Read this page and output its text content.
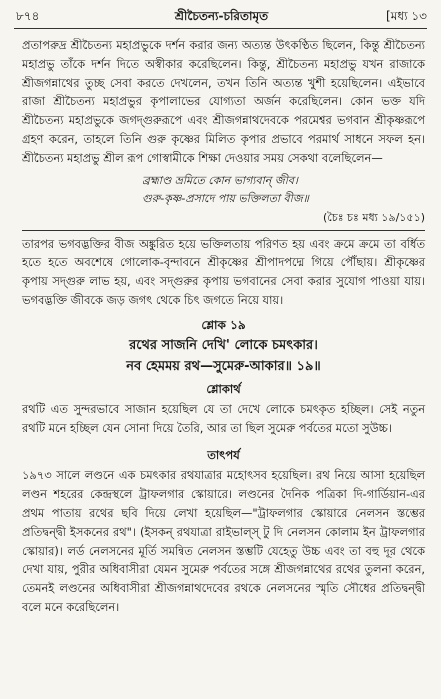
৮৭৪	শ্রীচৈতন্য-চরিতামৃত	[মধ্য ১৩

প্রতাপরুদ্র শ্রীচৈতন্য মহাপ্রভুকে দর্শন করার জন্য অত্যন্ত উৎকণ্ঠিত ছিলেন, কিন্তু শ্রীচৈতন্য মহাপ্রভু তাঁকে দর্শন দিতে অস্বীকার করেছিলেন। কিন্তু, শ্রীচৈতন্য মহাপ্রভু যখন রাজাকে শ্রীজগন্নাথের তুচ্ছ সেবা করতে দেখলেন, তখন তিনি অত্যন্ত খুশী হয়েছিলেন। এইভাবে রাজা শ্রীচৈতন্য মহাপ্রভুর কৃপালাভের যোগ্যতা অর্জন করেছিলেন। কোন ভক্ত যদি শ্রীচৈতন্য মহাপ্রভুকে জগদ্গুরুরূপে এবং শ্রীজগন্নাথদেবকে পরমেশ্বর ভগবান শ্রীকৃষ্ণরূপে গ্রহণ করেন, তাহলে তিনি গুরু কৃষ্ণের মিলিত কৃপার প্রভাবে পরমার্থ সাধনে সফল হন। শ্রীচৈতন্য মহাপ্রভু শ্রীল রূপ গোস্বামীকে শিক্ষা দেওয়ার সময় সেকথা বলেছিলেন—

ব্রহ্মাণ্ড ভ্রমিতে কোন ভাগ্যবান্ জীব।
গুরু-কৃষ্ণ-প্রসাদে পায় ভক্তিলতা বীজ॥
(চৈঃ চঃ মধ্য ১৯/১৫১)

তারপর ভগবদ্ভক্তির বীজ অঙ্কুরিত হয়ে ভক্তিলতায় পরিণত হয় এবং ক্রমে ক্রমে তা বর্ধিত হতে হতে অবশেষে গোলোক-বৃন্দাবনে শ্রীকৃষ্ণের শ্রীপাদপদ্মে গিয়ে পৌঁছায়। শ্রীকৃষ্ণের কৃপায় সদ্গুরু লাভ হয়, এবং সদ্গুরুর কৃপায় ভগবানের সেবা করার সুযোগ পাওয়া যায়। ভগবদ্ভক্তি জীবকে জড় জগৎ থেকে চিৎ জগতে নিয়ে যায়।

শ্লোক ১৯
রথের সাজনি দেখি' লোকে চমৎকার।
নব হেমময় রথ—সুমেরু-আকার॥ ১৯॥
শ্লোকার্থ

রথটি এত সুন্দরভাবে সাজান হয়েছিল যে তা দেখে লোকে চমৎকৃত হচ্ছিল। সেই নতুন রথটি মনে হচ্ছিল যেন সোনা দিয়ে তৈরি, আর তা ছিল সুমেরু পর্বতের মতো সুউচ্চ।

তাৎপর্য

১৯৭৩ সালে লণ্ডনে এক চমৎকার রথযাত্রার মহোৎসব হয়েছিল। রথ নিয়ে আসা হয়েছিল লণ্ডন শহরের কেন্দ্রস্থলে ট্রাফলগার স্কোয়ারে। লণ্ডনের দৈনিক পত্রিকা দি-গার্ডিয়ান-এর প্রথম পাতায় রথের ছবি দিয়ে লেখা হয়েছিল—"ট্রাফলগার স্কোয়ারে নেলসন স্তম্ভের প্রতিদ্বন্দ্বী ইসকনের রথ"। (ইসকন্ রথযাত্রা রাইভাল্স্ টু দি নেলসন কোলাম ইন ট্রাফলগার স্কোয়ার)। লর্ড নেলসনের মূর্তি সমন্বিত নেলসন স্তম্ভটি যেহেতু উচ্চ এবং তা বহু দূর থেকে দেখা যায়, পুরীর অধিবাসীরা যেমন সুমেরু পর্বতের সঙ্গে শ্রীজগন্নাথের রথের তুলনা করেন, তেমনই লণ্ডনের অধিবাসীরা শ্রীজগন্নাথদেবের রথকে নেলসনের স্মৃতি সৌধের প্রতিদ্বন্দ্বী বলে মনে করেছিলেন।
